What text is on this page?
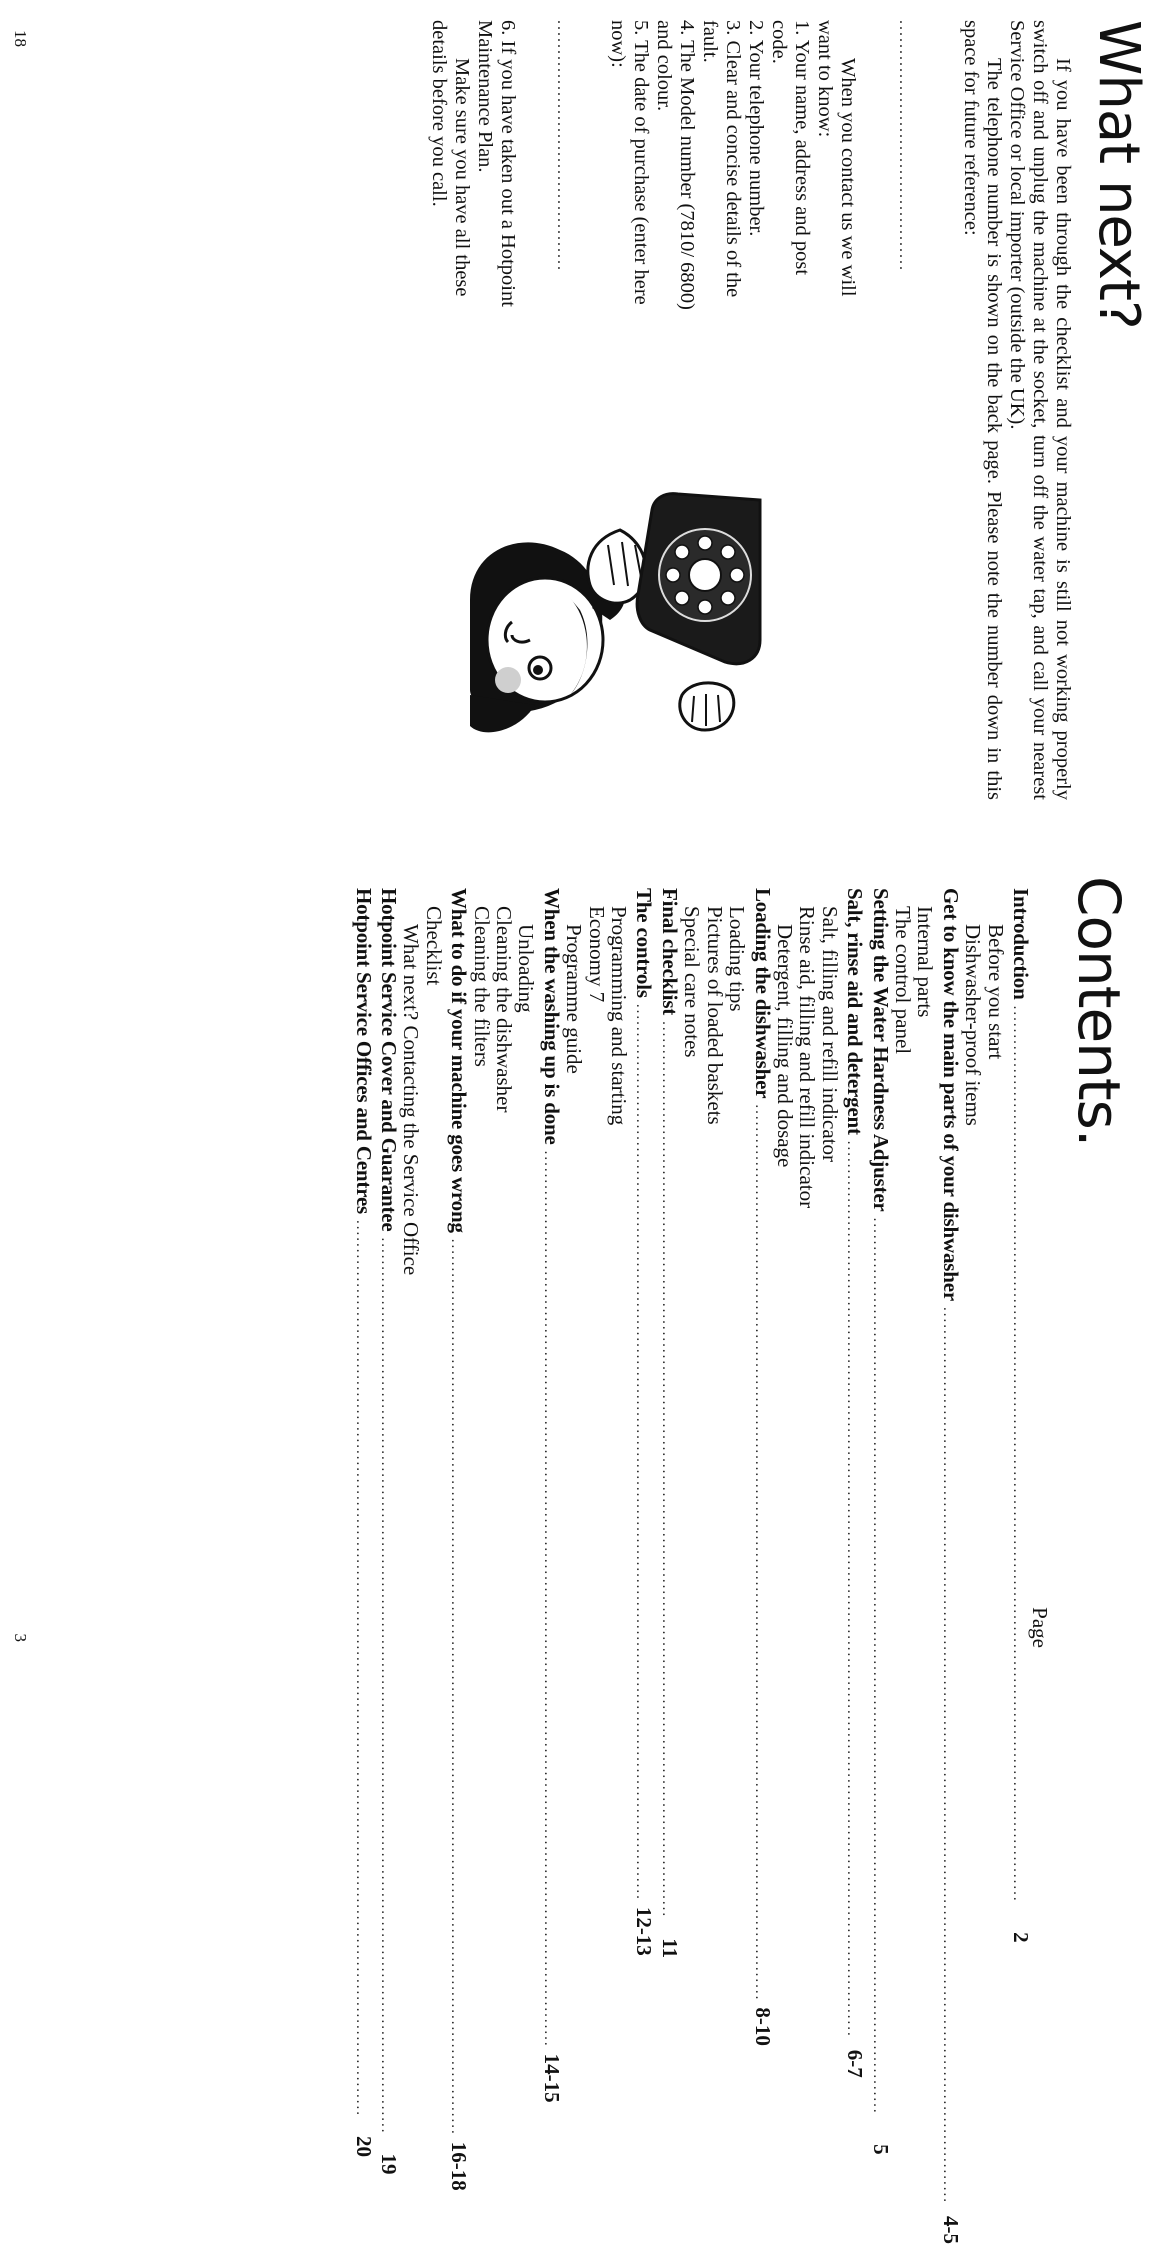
What next?

If you have been through the checklist and your machine is still not working properly switch off and unplug the machine at the socket, turn off the water tap, and call your nearest Service Office or local importer (outside the UK).

The telephone number is shown on the back page. Please note the number down in this space for future reference:

..........................................

When you contact us we will want to know:

1. Your name, address and post code.
2. Your telephone number.
3. Clear and concise details of the fault.
4. The Model number (7810/ 6800) and colour.
5. The date of purchase (enter here now):
..........................................

6. If you have taken out a Hotpoint Maintenance Plan.

Make sure you have all these details before you call.

18
Contents.
Page
Introduction
............................................................................................................................................................
2
Before you start
Dishwasher-proof items
Get to know the main parts of your dishwasher
............................................................................................................................................................
4-5
Internal parts
The control panel
Setting the Water Hardness Adjuster
............................................................................................................................................................
5
Salt, rinse aid and detergent
............................................................................................................................................................
6-7
Salt, filling and refill indicator
Rinse aid, filling and refill indicator
Detergent, filling and dosage
Loading the dishwasher
............................................................................................................................................................
8-10
Loading tips
Pictures of loaded baskets
Special care notes
Final checklist
............................................................................................................................................................
11
The controls
............................................................................................................................................................
12-13
Programming and starting
Economy 7
Programme guide
When the washing up is done
............................................................................................................................................................
14-15
Unloading
Cleaning the dishwasher
Cleaning the filters
What to do if your machine goes wrong
............................................................................................................................................................
16-18
Checklist
What next? Contacting the Service Office
Hotpoint Service Cover and Guarantee
............................................................................................................................................................
19
Hotpoint Service Offices and Centres
............................................................................................................................................................
20
3
